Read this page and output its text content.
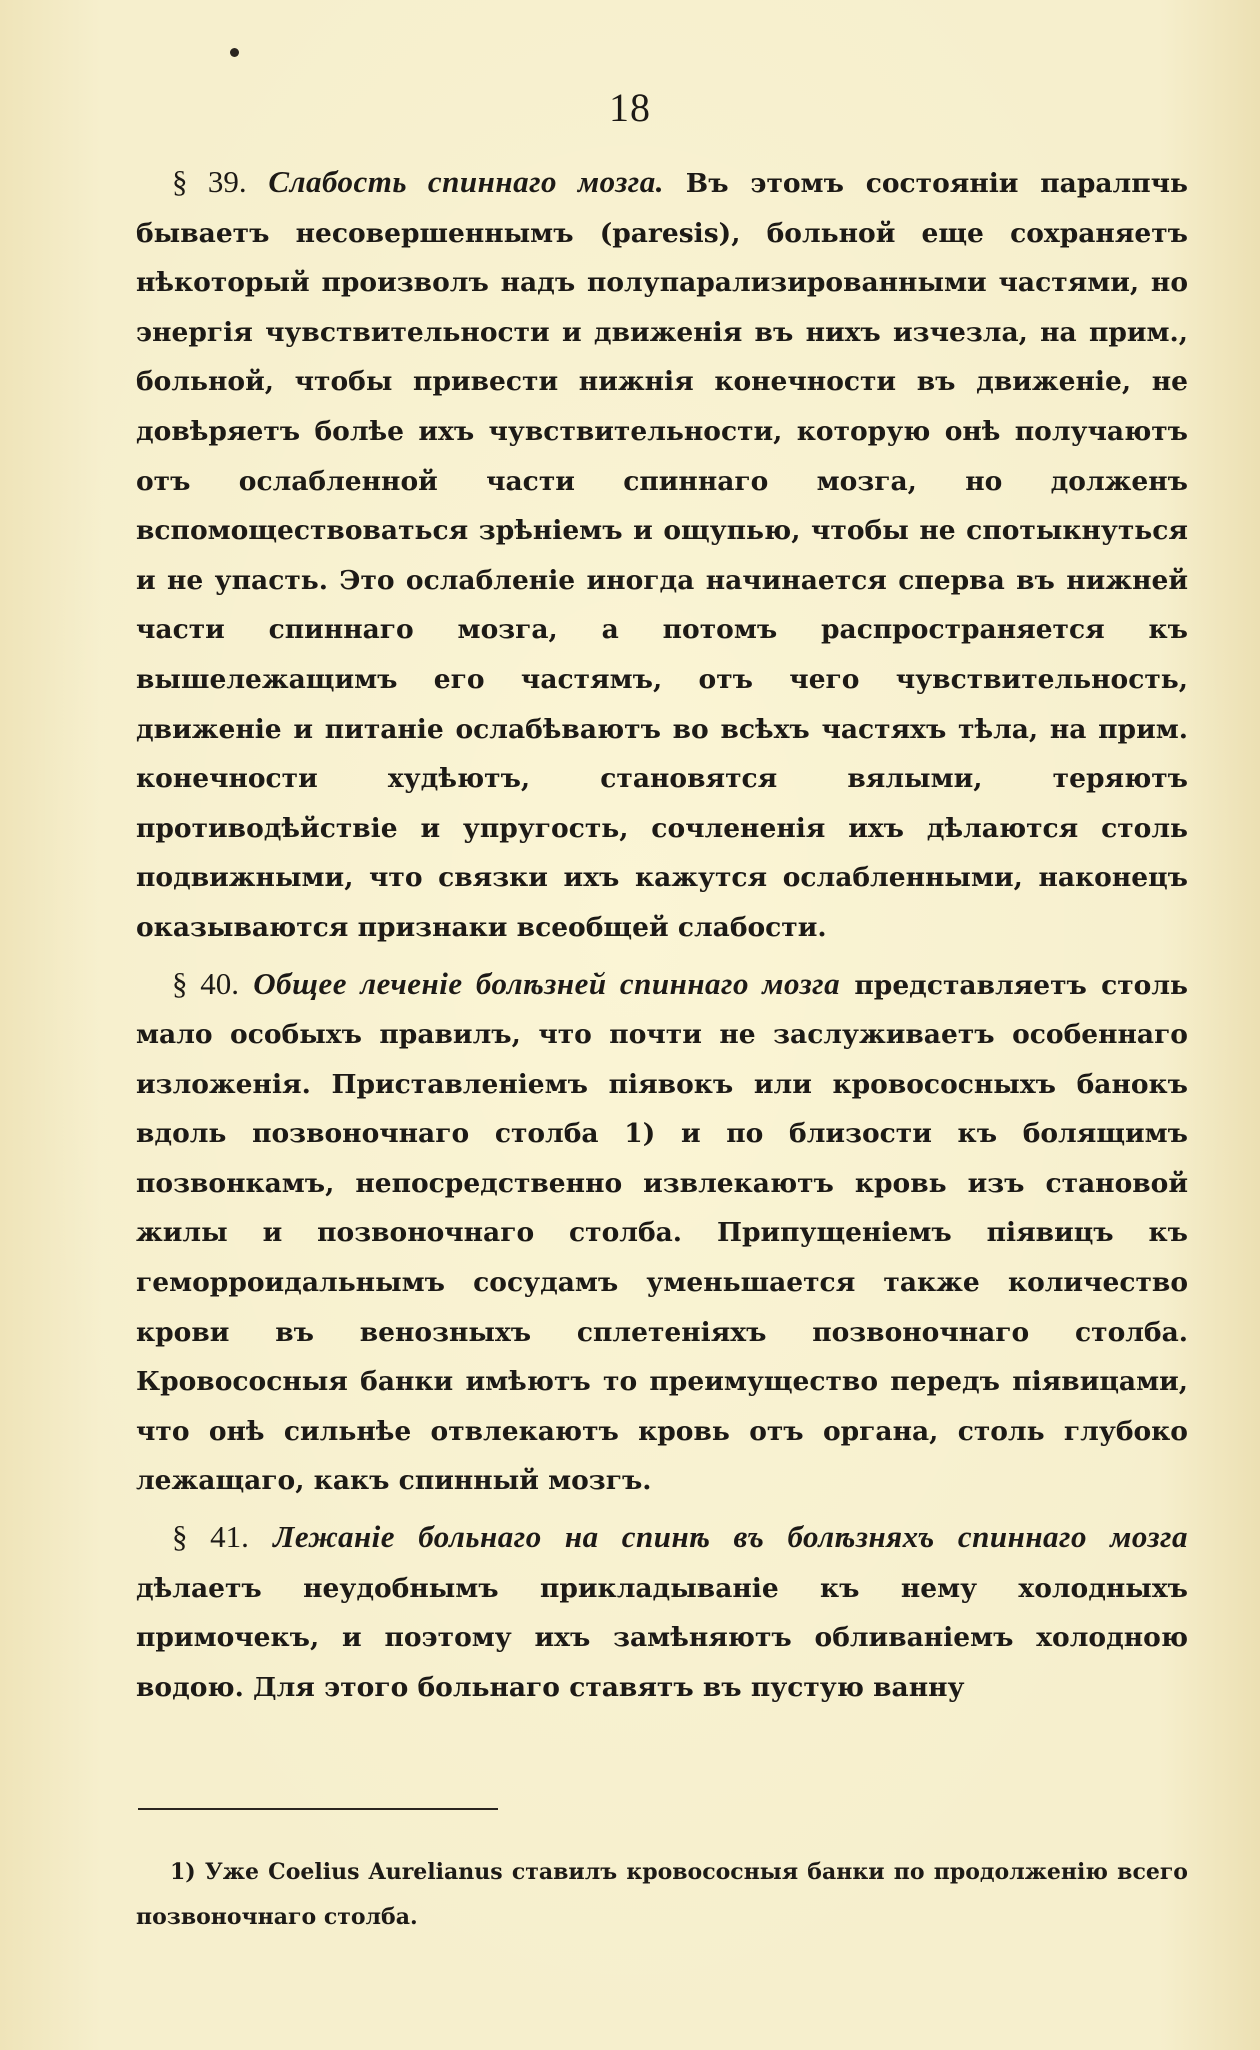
18

§ 39. Слабость спиннаго мозга. Въ этомъ состоянiи паралпчь бываетъ несовершеннымъ (paresis), больной еще сохраняетъ нѣкоторый произволъ надъ полупарализированными частями, но энергiя чувствительности и движенiя въ нихъ изчезла, на прим., больной, чтобы привести нижнiя конечности въ движенiе, не довѣряетъ болѣе ихъ чувствительности, которую онѣ получаютъ отъ ослабленной части спиннаго мозга, но долженъ вспомоществоваться зрѣнiемъ и ощупью, чтобы не спотыкнуться и не упасть. Это ослабленiе иногда начинается сперва въ нижней части спиннаго мозга, а потомъ распространяется къ вышележащимъ его частямъ, отъ чего чувствительность, движенiе и питанiе ослабѣваютъ во всѣхъ частяхъ тѣла, на прим. конечности худѣютъ, становятся вялыми, теряютъ противодѣйствiе и упругость, сочлененiя ихъ дѣлаются столь подвижными, что связки ихъ кажутся ослабленными, наконецъ оказываются признаки всеобщей слабости.

§ 40. Общее леченiе болѣзней спиннаго мозга представляетъ столь мало особыхъ правилъ, что почти не заслуживаетъ особеннаго изложенiя. Приставленiемъ пiявокъ или кровососныхъ банокъ вдоль позвоночнаго столба 1) и по близости къ болящимъ позвонкамъ, непосредственно извлекаютъ кровь изъ становой жилы и позвоночнаго столба. Припущенiемъ пiявицъ къ геморроидальнымъ сосудамъ уменьшается также количество крови въ венозныхъ сплетенiяхъ позвоночнаго столба. Кровососныя банки имѣютъ то преимущество передъ пiявицами, что онѣ сильнѣе отвлекаютъ кровь отъ органа, столь глубоко лежащаго, какъ спинный мозгъ.

§ 41. Лежанiе больнаго на спинѣ въ болѣзняхъ спиннаго мозга дѣлаетъ неудобнымъ прикладыванiе къ нему холодныхъ примочекъ, и поэтому ихъ замѣняютъ обливанiемъ холодною водою. Для этого больнаго ставятъ въ пустую ванну

1) Уже Coelius Aurelianus ставилъ кровососныя банки по продолженiю всего позвоночнаго столба.
